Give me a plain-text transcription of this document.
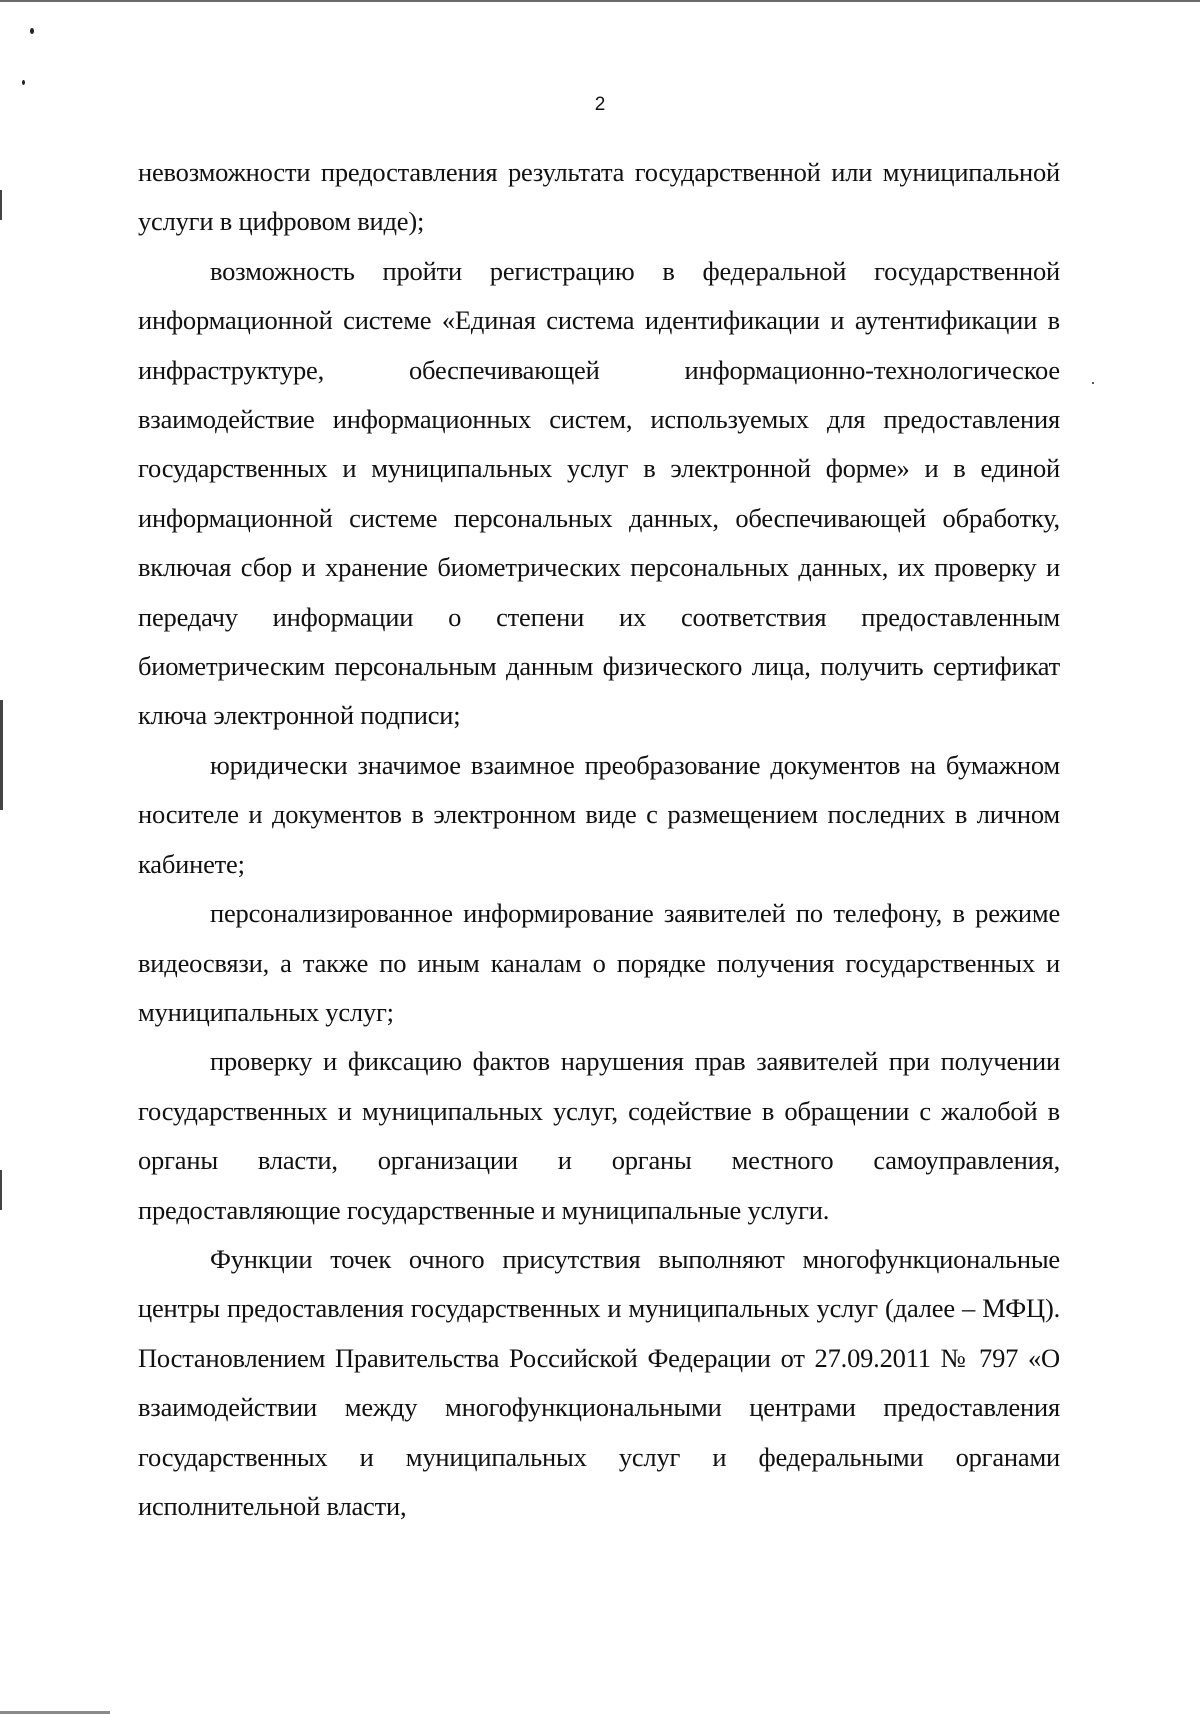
2

невозможности предоставления результата государственной или муниципальной услуги в цифровом виде);

возможность пройти регистрацию в федеральной государственной информационной системе «Единая система идентификации и аутентификации в инфраструктуре, обеспечивающей информационно-технологическое взаимодействие информационных систем, используемых для предоставления государственных и муниципальных услуг в электронной форме» и в единой информационной системе персональных данных, обеспечивающей обработку, включая сбор и хранение биометрических персональных данных, их проверку и передачу информации о степени их соответствия предоставленным биометрическим персональным данным физического лица, получить сертификат ключа электронной подписи;

юридически значимое взаимное преобразование документов на бумажном носителе и документов в электронном виде с размещением последних в личном кабинете;

персонализированное информирование заявителей по телефону, в режиме видеосвязи, а также по иным каналам о порядке получения государственных и муниципальных услуг;

проверку и фиксацию фактов нарушения прав заявителей при получении государственных и муниципальных услуг, содействие в обращении с жалобой в органы власти, организации и органы местного самоуправления, предоставляющие государственные и муниципальные услуги.

Функции точек очного присутствия выполняют многофункциональные центры предоставления государственных и муниципальных услуг (далее – МФЦ). Постановлением Правительства Российской Федерации от 27.09.2011 № 797 «О взаимодействии между многофункциональными центрами предоставления государственных и муниципальных услуг и федеральными органами исполнительной власти,
